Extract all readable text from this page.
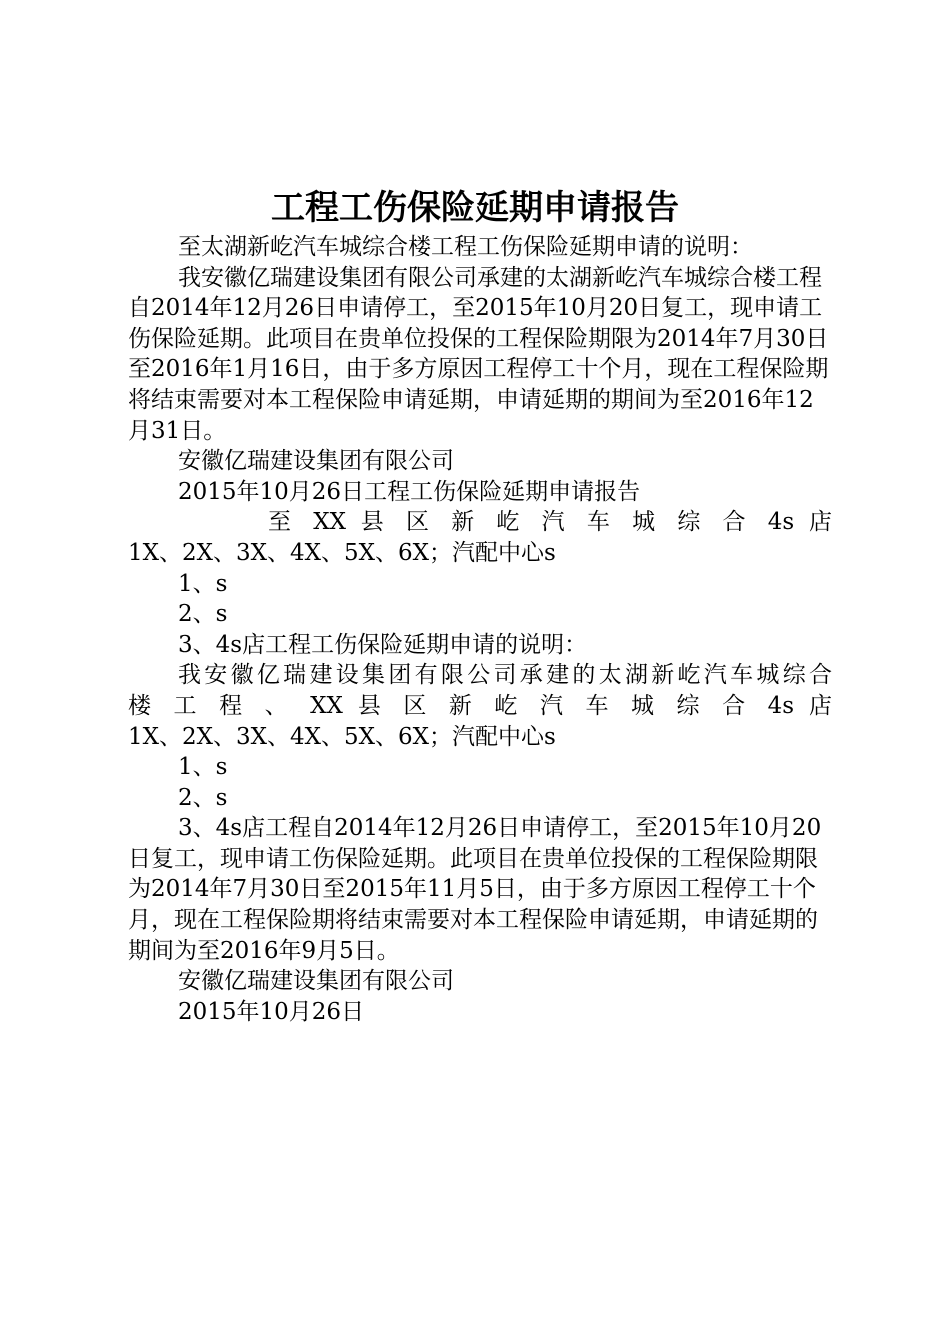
工程工伤保险延期申请报告

至太湖新屹汽车城综合楼工程工伤保险延期申请的说明：

我安徽亿瑞建设集团有限公司承建的太湖新屹汽车城综合楼工程自2014年12月26日申请停工，至2015年10月20日复工，现申请工伤保险延期。此项目在贵单位投保的工程保险期限为2014年7月30日至2016年1月16日，由于多方原因工程停工十个月，现在工程保险期将结束需要对本工程保险申请延期，申请延期的期间为至2016年12月31日。

安徽亿瑞建设集团有限公司

2015年10月26日工程工伤保险延期申请报告

至 XX 县 区 新 屹 汽 车 城 综 合 4s 店

1X、2X、3X、4X、5X、6X；汽配中心s

1、s

2、s

3、4s店工程工伤保险延期申请的说明：

我安徽亿瑞建设集团有限公司承建的太湖新屹汽车城综合

楼 工 程 、 XX 县 区 新 屹 汽 车 城 综 合 4s 店

1X、2X、3X、4X、5X、6X；汽配中心s

1、s

2、s

3、4s店工程自2014年12月26日申请停工，至2015年10月20日复工，现申请工伤保险延期。此项目在贵单位投保的工程保险期限为2014年7月30日至2015年11月5日，由于多方原因工程停工十个月，现在工程保险期将结束需要对本工程保险申请延期，申请延期的期间为至2016年9月5日。

安徽亿瑞建设集团有限公司

2015年10月26日
